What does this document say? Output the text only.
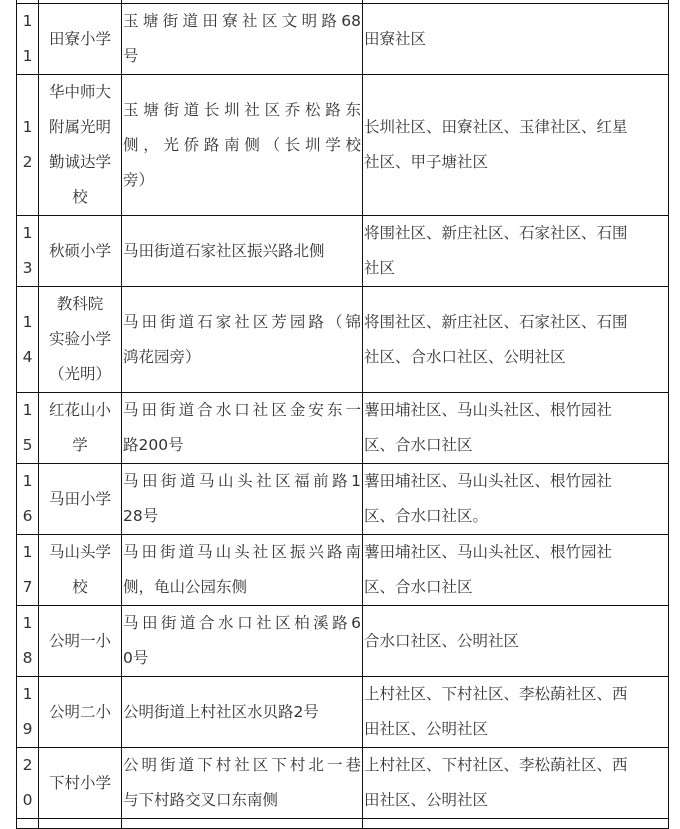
1
1	田寮小学	玉塘街道田寮社区文明路68
号	田寮社区

1
2	华中师大
附属光明
勤诚达学
校	玉塘街道长圳社区乔松路东
侧，光侨路南侧（长圳学校
旁）	长圳社区、田寮社区、玉律社区、红星
社区、甲子塘社区

1
3	秋硕小学	马田街道石家社区振兴路北侧	将围社区、新庄社区、石家社区、石围
社区

1
4	教科院
实验小学
（光明）	马田街道石家社区芳园路（锦
鸿花园旁）	将围社区、新庄社区、石家社区、石围
社区、合水口社区、公明社区

1
5	红花山小
学	马田街道合水口社区金安东一
路200号	薯田埔社区、马山头社区、根竹园社
区、合水口社区

1
6	马田小学	马田街道马山头社区福前路1
28号	薯田埔社区、马山头社区、根竹园社
区、合水口社区。

1
7	马山头学
校	马田街道马山头社区振兴路南
侧，龟山公园东侧	薯田埔社区、马山头社区、根竹园社
区、合水口社区

1
8	公明一小	马田街道合水口社区柏溪路6
0号	合水口社区、公明社区

1
9	公明二小	公明街道上村社区水贝路2号	上村社区、下村社区、李松蓢社区、西
田社区、公明社区

2
0	下村小学	公明街道下村社区下村北一巷
与下村路交叉口东南侧	上村社区、下村社区、李松蓢社区、西
田社区、公明社区
